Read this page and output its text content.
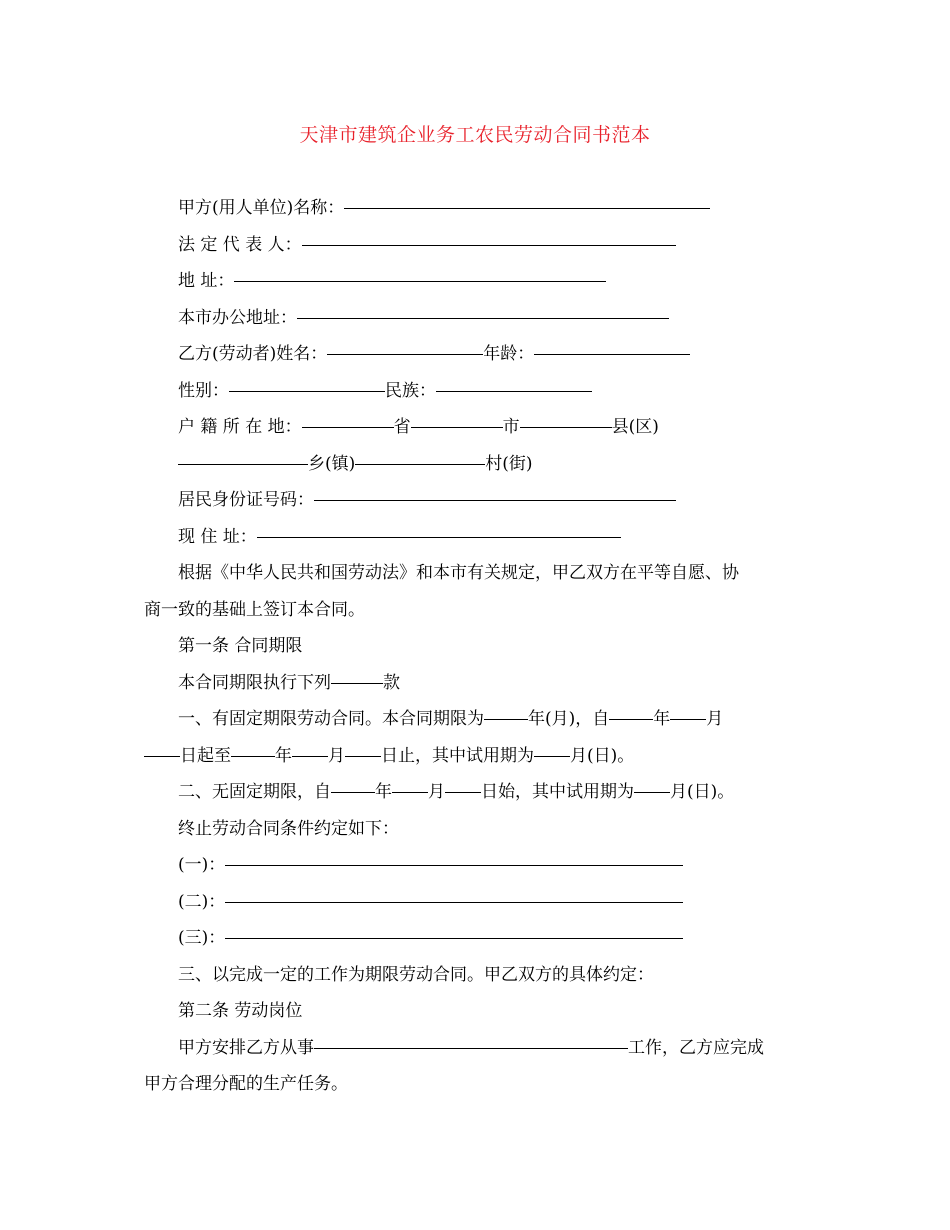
天津市建筑企业务工农民劳动合同书范本
甲方(用人单位)名称：
法 定 代 表 人：
地 址：
本市办公地址：
乙方(劳动者)姓名：	年龄：
性别：	民族：
户 籍 所 在 地：	省	市	县(区)
乡(镇)	村(街)
居民身份证号码：
现 住 址：
根据《中华人民共和国劳动法》和本市有关规定，甲乙双方在平等自愿、协
商一致的基础上签订本合同。
第一条 合同期限
本合同期限执行下列	款
一、有固定期限劳动合同。本合同期限为	年(月)，自	年 月
日起至	年 月 日止，其中试用期为 月(日)。
二、无固定期限，自	年 月 日始，其中试用期为 月(日)。
终止劳动合同条件约定如下：
(一)：
(二)：
(三)：
三、以完成一定的工作为期限劳动合同。甲乙双方的具体约定：
第二条 劳动岗位
甲方安排乙方从事	工作，乙方应完成
甲方合理分配的生产任务。
